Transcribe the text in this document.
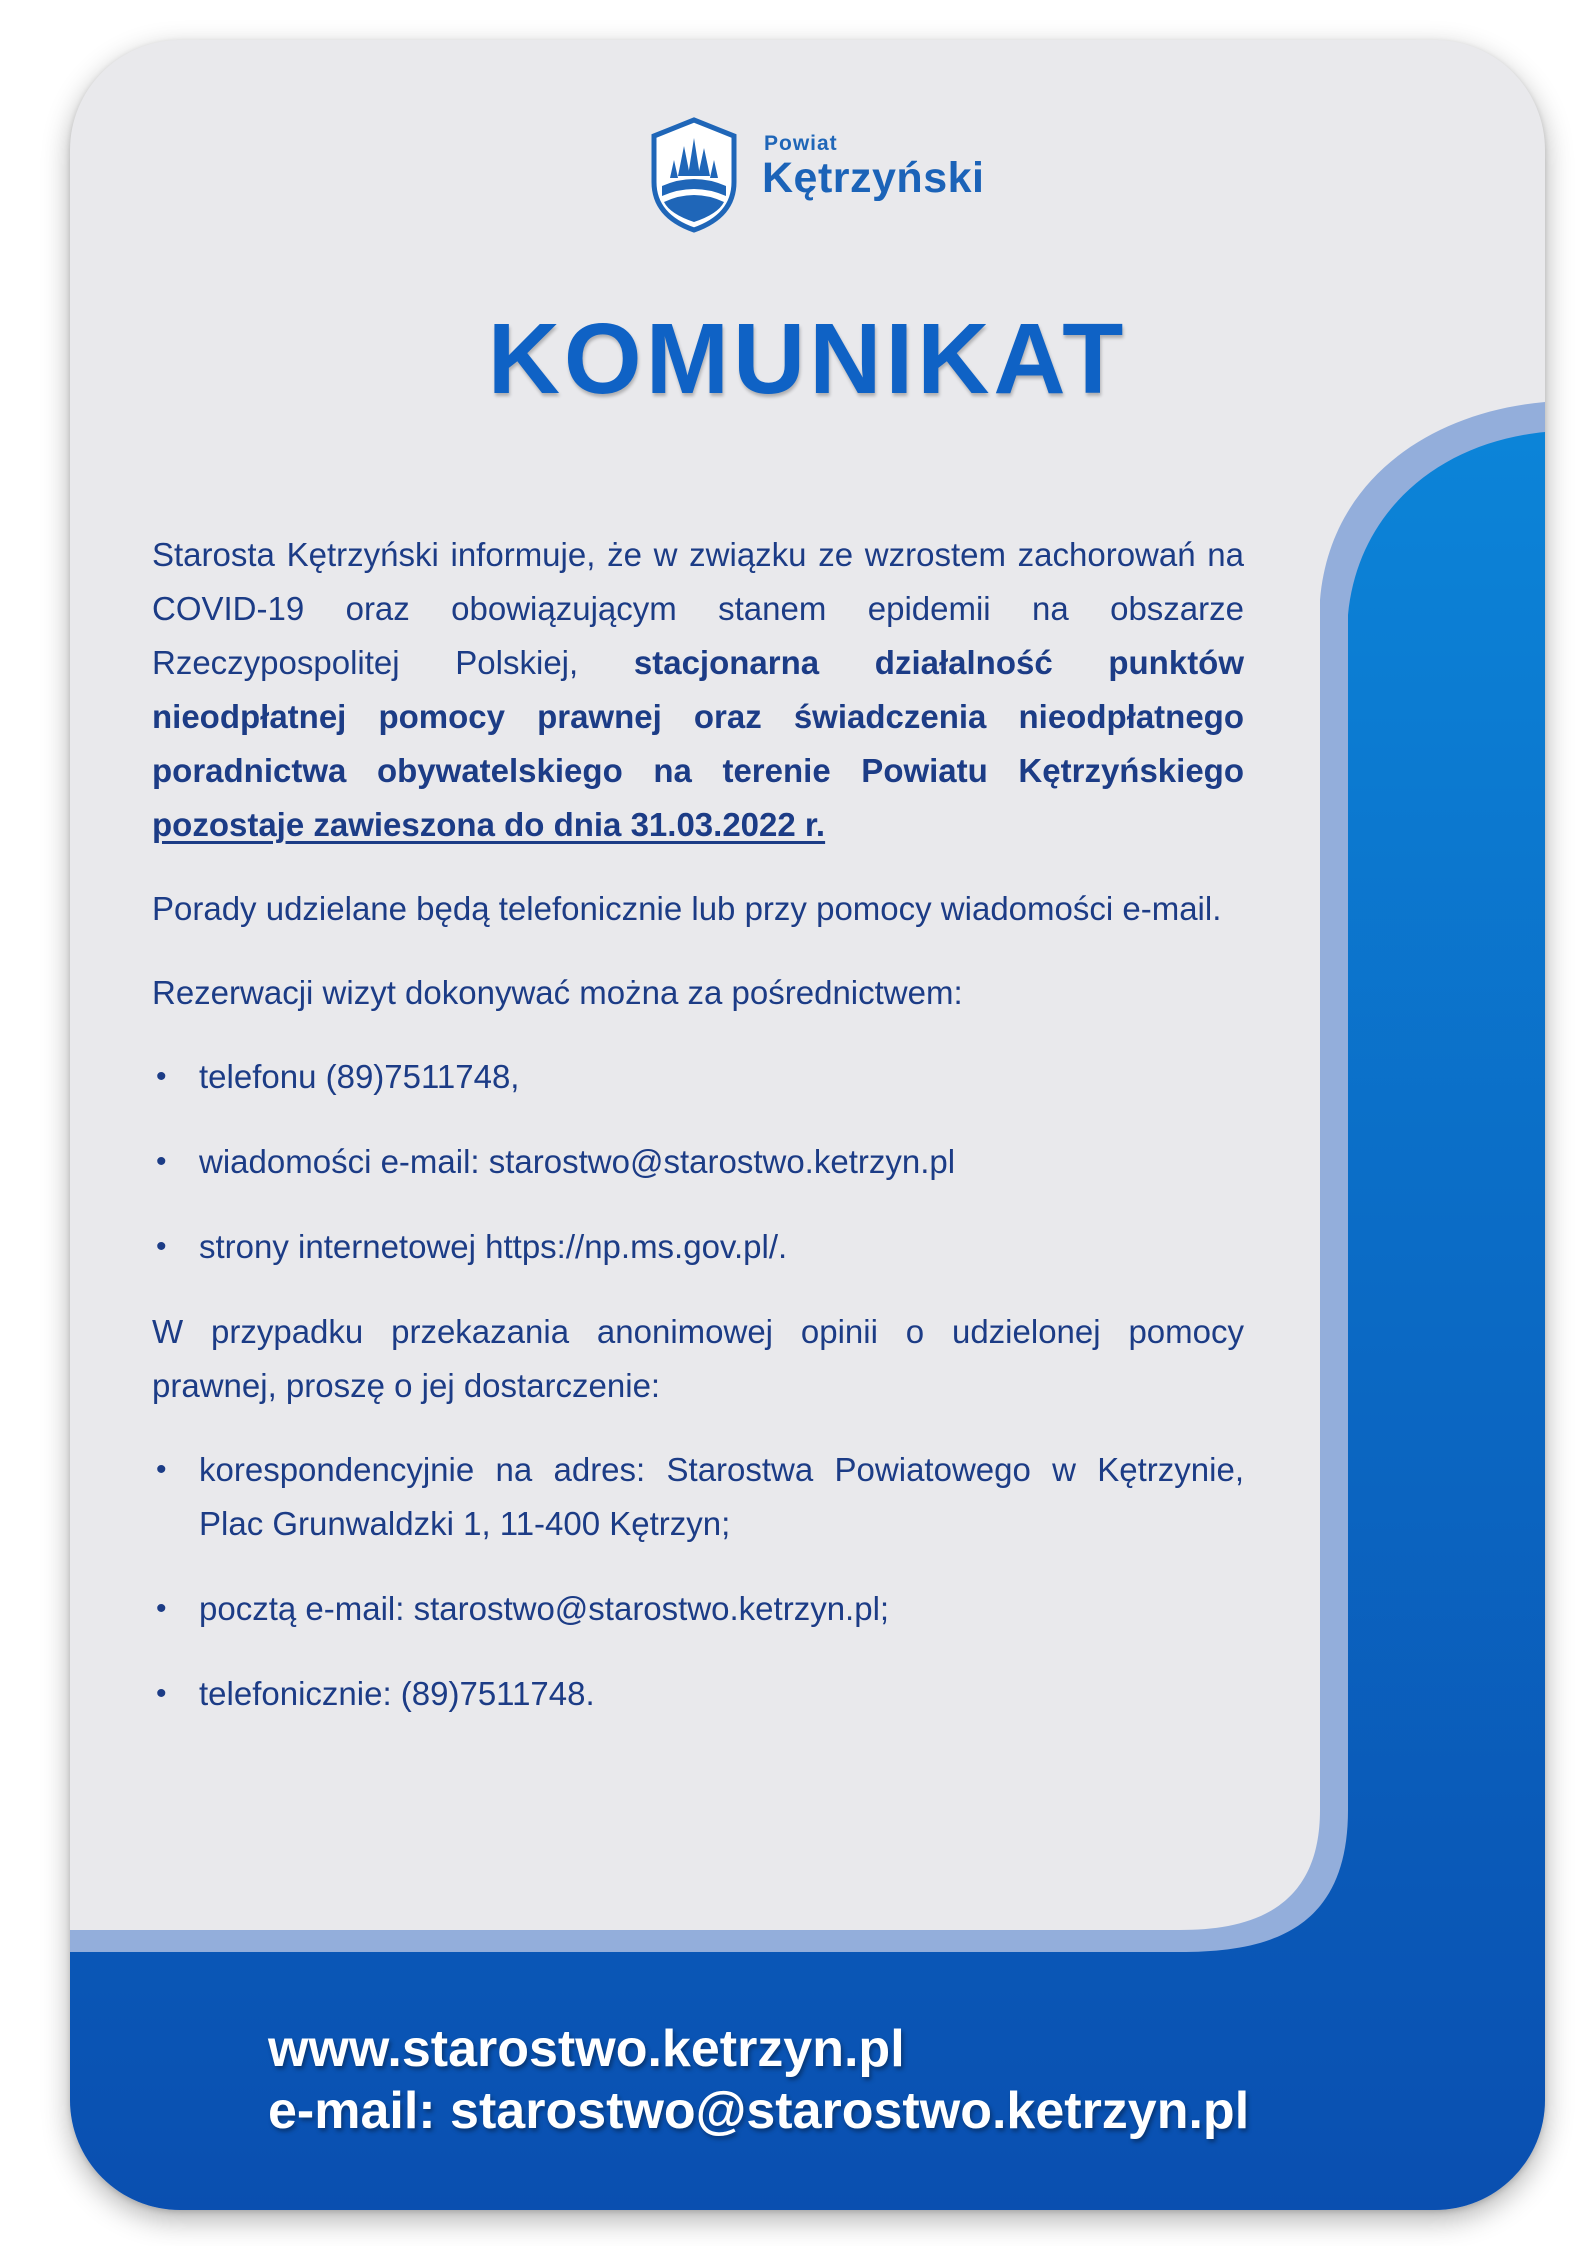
Powiat
Kętrzyński
KOMUNIKAT

Starosta Kętrzyński informuje, że w związku ze wzrostem zachorowań na COVID-19 oraz obowiązującym stanem epidemii na obszarze Rzeczypospolitej Polskiej, stacjonarna działalność punktów nieodpłatnej pomocy prawnej oraz świadczenia nieodpłatnego poradnictwa obywatelskiego na terenie Powiatu Kętrzyńskiego pozostaje zawieszona do dnia 31.03.2022 r.

Porady udzielane będą telefonicznie lub przy pomocy wiadomości e-mail.

Rezerwacji wizyt dokonywać można za pośrednictwem:

• telefonu (89)7511748,
• wiadomości e-mail: starostwo@starostwo.ketrzyn.pl
• strony internetowej https://np.ms.gov.pl/.

W przypadku przekazania anonimowej opinii o udzielonej pomocy prawnej, proszę o jej dostarczenie:

• korespondencyjnie na adres: Starostwa Powiatowego w Kętrzynie, Plac Grunwaldzki 1, 11-400 Kętrzyn;
• pocztą e-mail: starostwo@starostwo.ketrzyn.pl;
• telefonicznie: (89)7511748.
www.starostwo.ketrzyn.pl
e-mail: starostwo@starostwo.ketrzyn.pl
